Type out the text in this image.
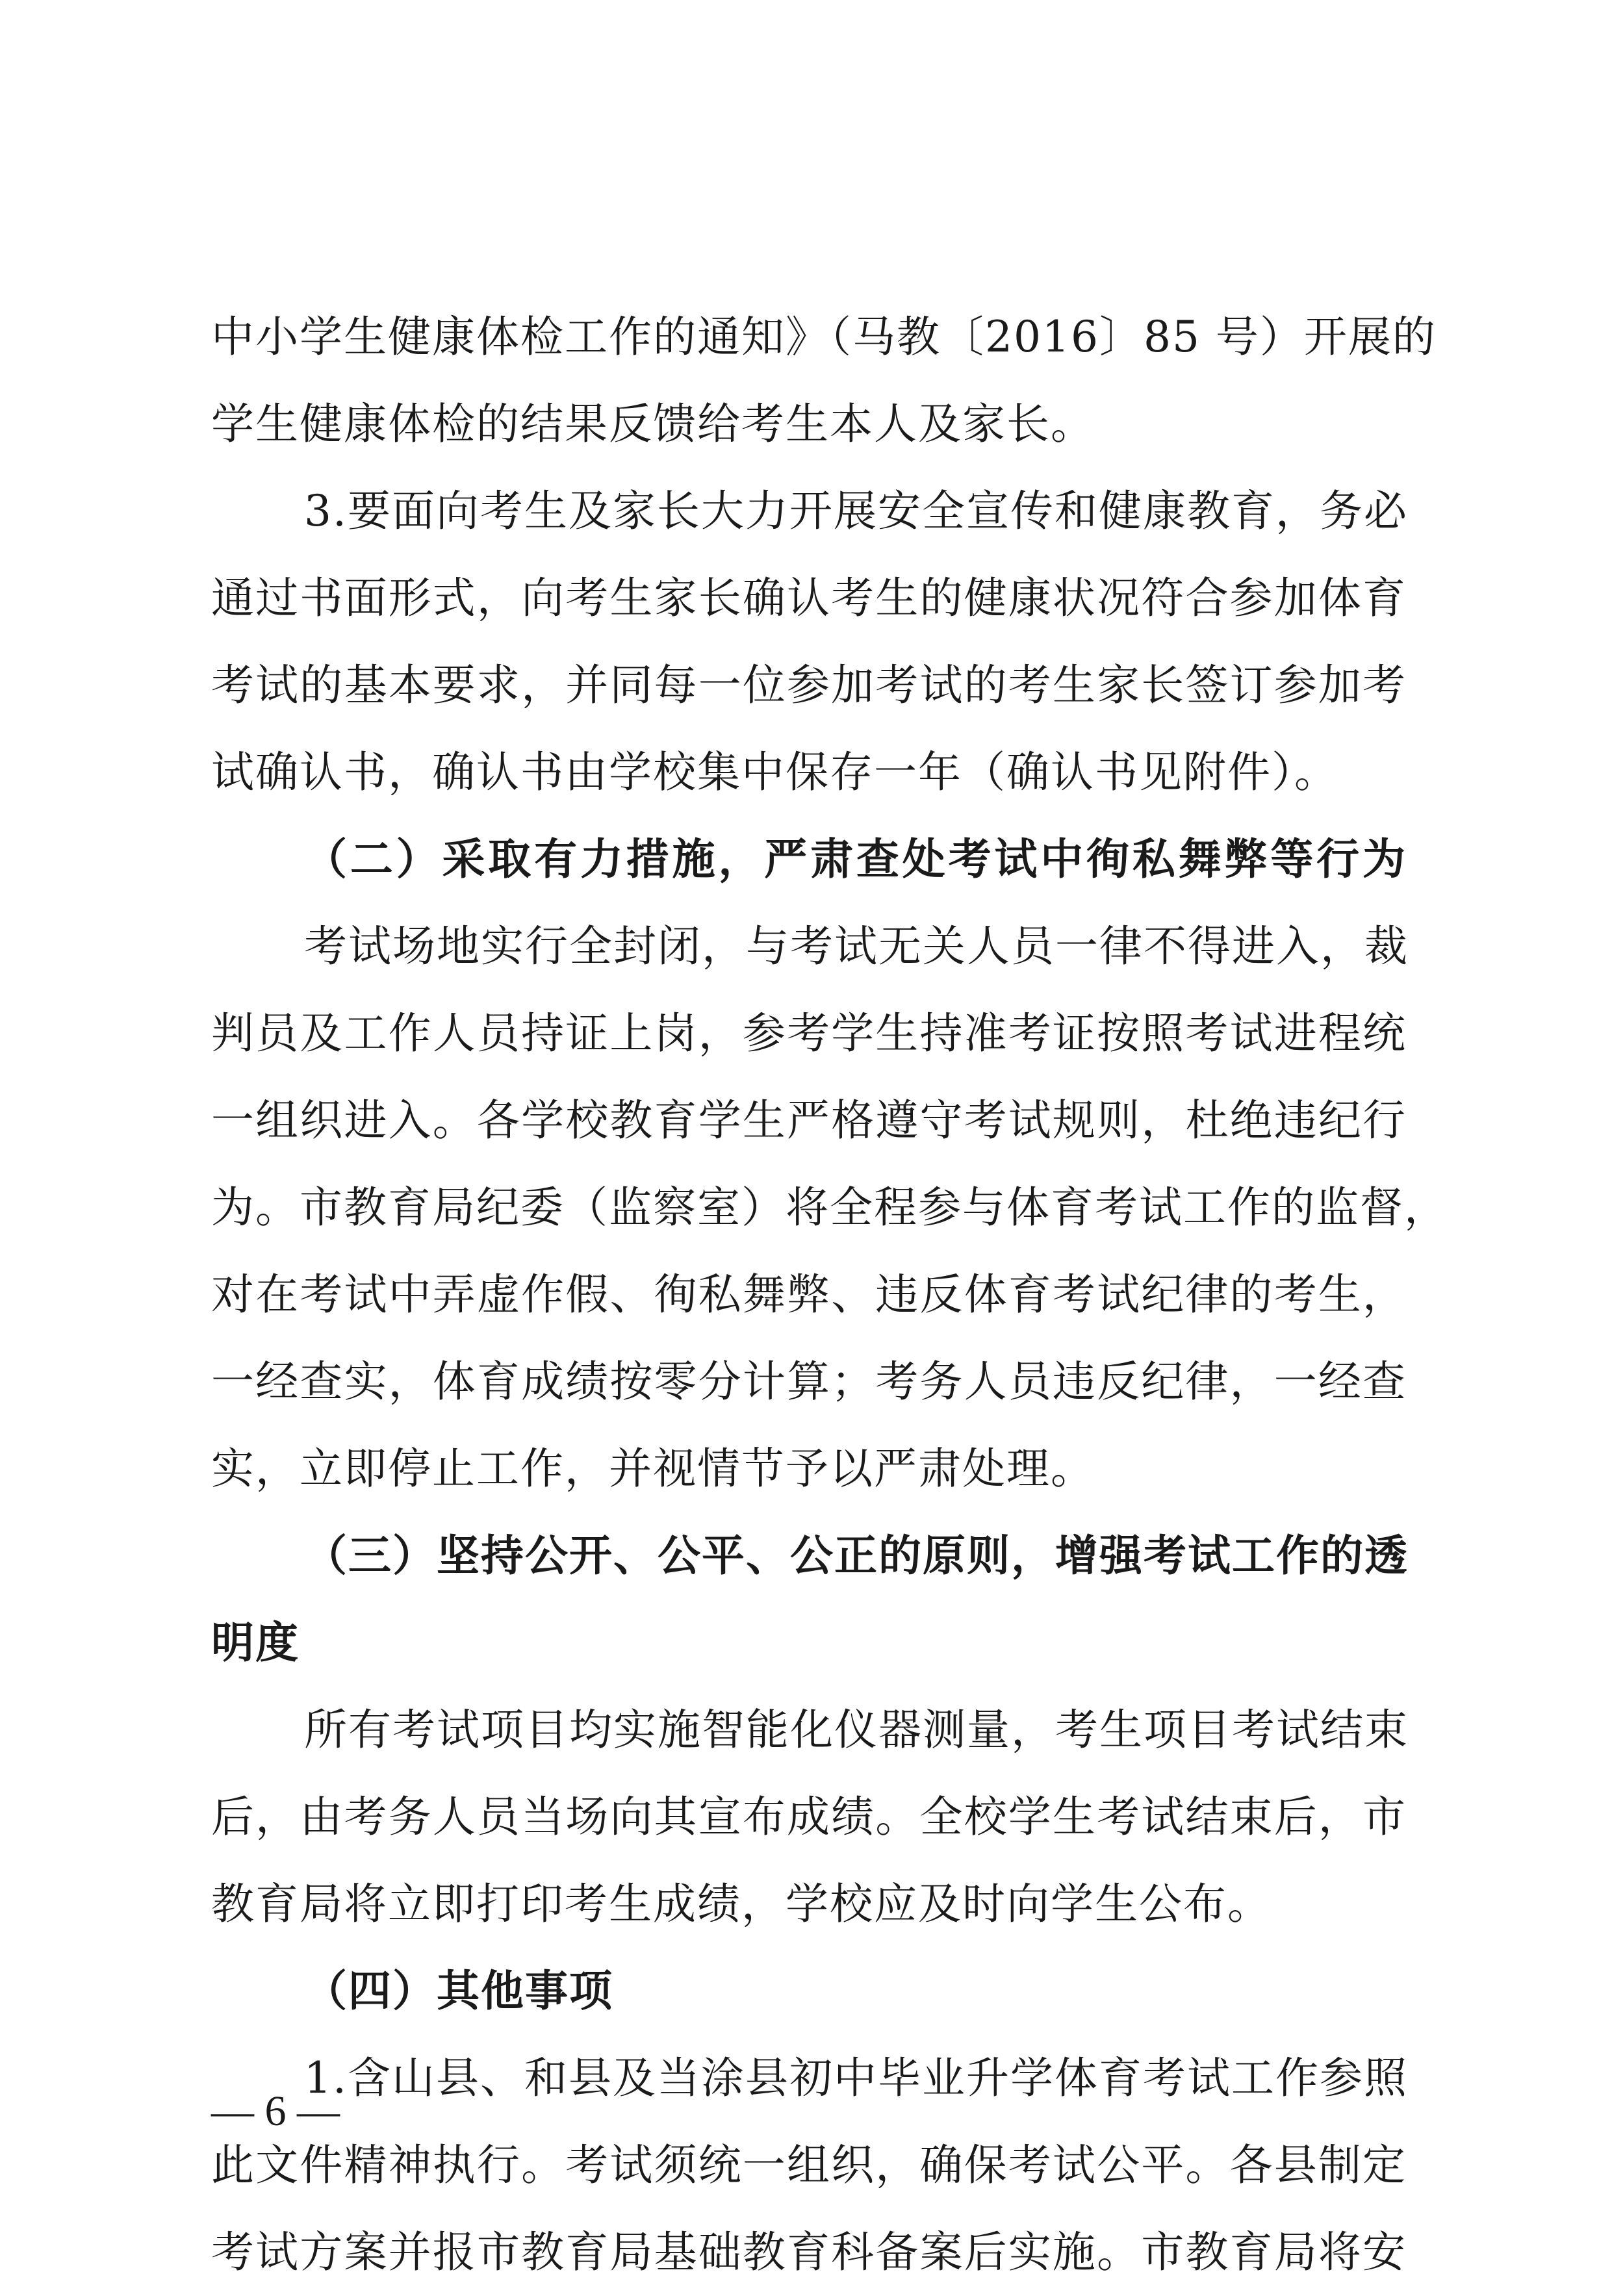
中小学生健康体检工作的通知》（马教〔2016〕85 号）开展的
学生健康体检的结果反馈给考生本人及家长。
3.要面向考生及家长大力开展安全宣传和健康教育，务必
通过书面形式，向考生家长确认考生的健康状况符合参加体育
考试的基本要求，并同每一位参加考试的考生家长签订参加考
试确认书，确认书由学校集中保存一年（确认书见附件）。
（二）采取有力措施，严肃查处考试中徇私舞弊等行为
考试场地实行全封闭，与考试无关人员一律不得进入，裁
判员及工作人员持证上岗，参考学生持准考证按照考试进程统
一组织进入。各学校教育学生严格遵守考试规则，杜绝违纪行
为。市教育局纪委（监察室）将全程参与体育考试工作的监督，
对在考试中弄虚作假、徇私舞弊、违反体育考试纪律的考生，
一经查实，体育成绩按零分计算；考务人员违反纪律，一经查
实，立即停止工作，并视情节予以严肃处理。
（三）坚持公开、公平、公正的原则，增强考试工作的透
明度
所有考试项目均实施智能化仪器测量，考生项目考试结束
后，由考务人员当场向其宣布成绩。全校学生考试结束后，市
教育局将立即打印考生成绩，学校应及时向学生公布。
（四）其他事项
1.含山县、和县及当涂县初中毕业升学体育考试工作参照
此文件精神执行。考试须统一组织，确保考试公平。各县制定
考试方案并报市教育局基础教育科备案后实施。市教育局将安
— 6 —
